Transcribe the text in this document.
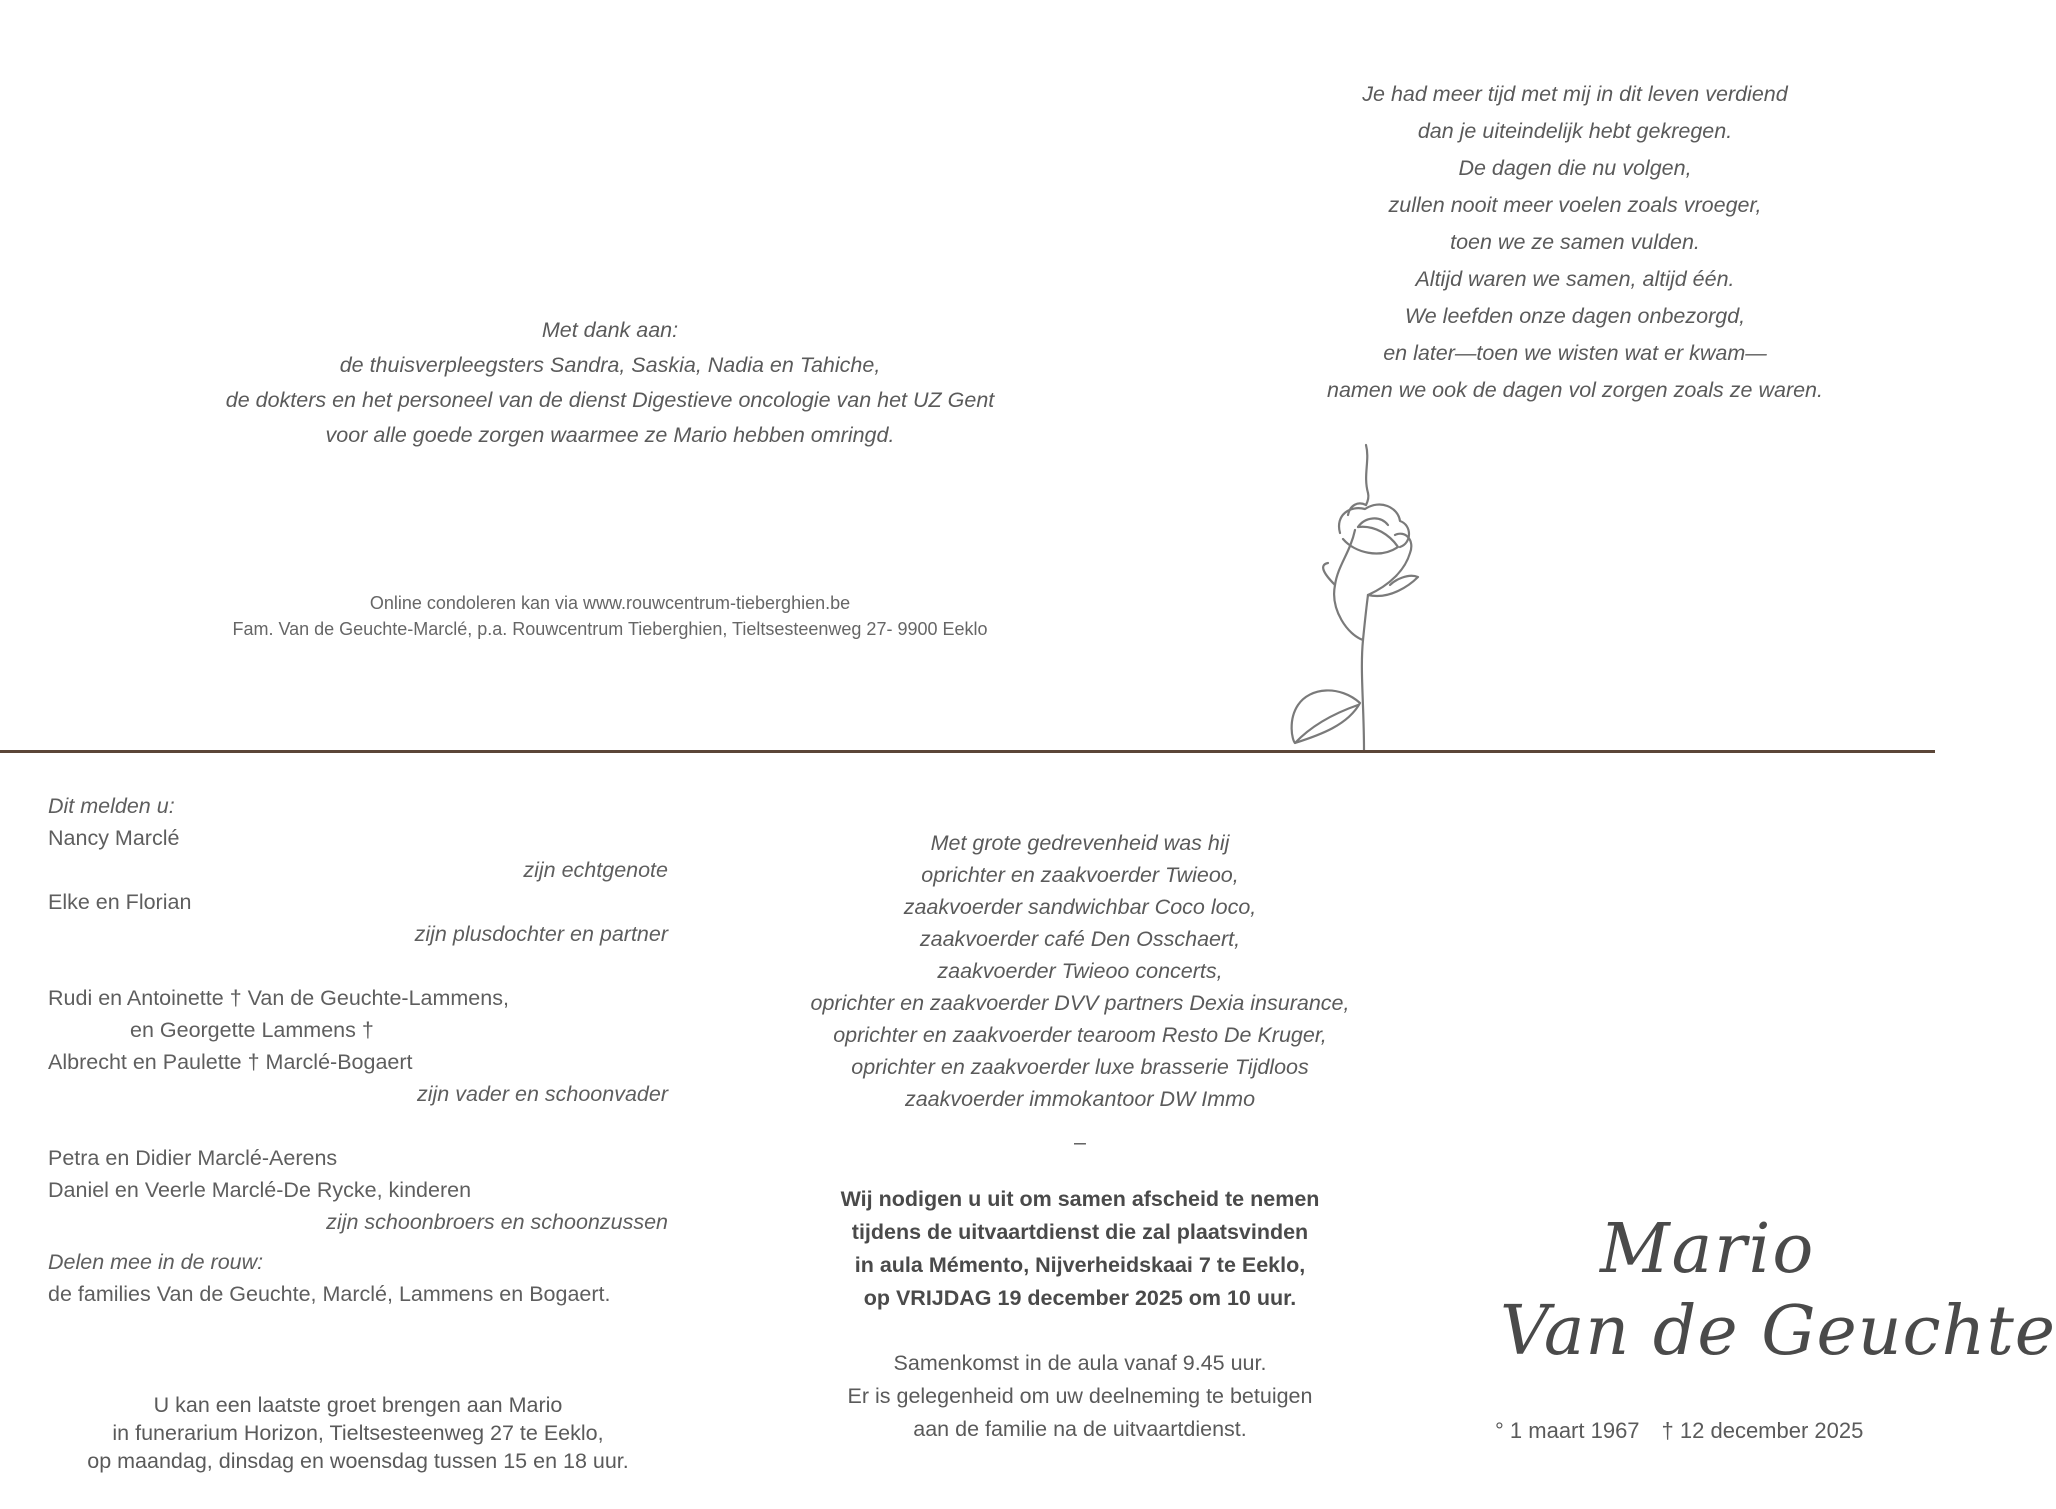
Je had meer tijd met mij in dit leven verdiend
dan je uiteindelijk hebt gekregen.
De dagen die nu volgen,
zullen nooit meer voelen zoals vroeger,
toen we ze samen vulden.
Altijd waren we samen, altijd één.
We leefden onze dagen onbezorgd,
en later—toen we wisten wat er kwam—
namen we ook de dagen vol zorgen zoals ze waren.
Met dank aan:
de thuisverpleegsters Sandra, Saskia, Nadia en Tahiche,
de dokters en het personeel van de dienst Digestieve oncologie van het UZ Gent
voor alle goede zorgen waarmee ze Mario hebben omringd.
Online condoleren kan via www.rouwcentrum-tieberghien.be
Fam. Van de Geuchte-Marclé, p.a. Rouwcentrum Tieberghien, Tieltsesteenweg 27- 9900 Eeklo
Dit melden u:
Nancy Marclé
zijn echtgenote
Elke en Florian
zijn plusdochter en partner
Rudi en Antoinette † Van de Geuchte-Lammens,
en Georgette Lammens †
Albrecht en Paulette † Marclé-Bogaert
zijn vader en schoonvader
Petra en Didier Marclé-Aerens
Daniel en Veerle Marclé-De Rycke, kinderen
zijn schoonbroers en schoonzussen
Delen mee in de rouw:
de families Van de Geuchte, Marclé, Lammens en Bogaert.
U kan een laatste groet brengen aan Mario
in funerarium Horizon, Tieltsesteenweg 27 te Eeklo,
op maandag, dinsdag en woensdag tussen 15 en 18 uur.
Met grote gedrevenheid was hij
oprichter en zaakvoerder Twieoo,
zaakvoerder sandwichbar Coco loco,
zaakvoerder café Den Osschaert,
zaakvoerder Twieoo concerts,
oprichter en zaakvoerder DVV partners Dexia insurance,
oprichter en zaakvoerder tearoom Resto De Kruger,
oprichter en zaakvoerder luxe brasserie Tijdloos
zaakvoerder immokantoor DW Immo
–
Wij nodigen u uit om samen afscheid te nemen
tijdens de uitvaartdienst die zal plaatsvinden
in aula Mémento, Nijverheidskaai 7 te Eeklo,
op VRIJDAG 19 december 2025 om 10 uur.
Samenkomst in de aula vanaf 9.45 uur.
Er is gelegenheid om uw deelneming te betuigen
aan de familie na de uitvaartdienst.
Mario
Van de Geuchte
° 1 maart 1967 † 12 december 2025
